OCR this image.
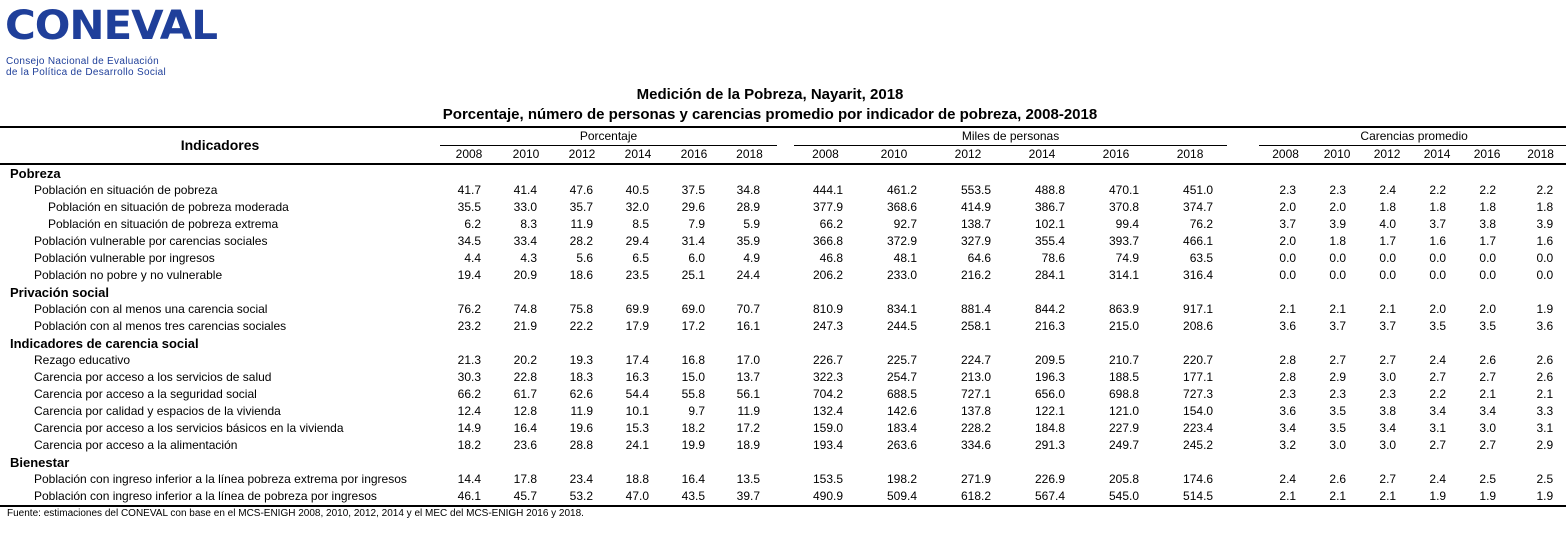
CONEVAL
Consejo Nacional de Evaluación
de la Política de Desarrollo Social
Medición de la Pobreza, Nayarit, 2018
Porcentaje, número de personas y carencias promedio por indicador de pobreza, 2008-2018
Indicadores	Porcentaje							Miles de personas							Carencias promedio					

	2008	2010	2012	2014	2016	2018		2008	2010	2012	2014	2016	2018		2008	2010	2012	2014	2016	2018
Pobreza																				
Población en situación de pobreza	41.7	41.4	47.6	40.5	37.5	34.8		444.1	461.2	553.5	488.8	470.1	451.0		2.3	2.3	2.4	2.2	2.2	2.2
Población en situación de pobreza moderada	35.5	33.0	35.7	32.0	29.6	28.9		377.9	368.6	414.9	386.7	370.8	374.7		2.0	2.0	1.8	1.8	1.8	1.8
Población en situación de pobreza extrema	6.2	8.3	11.9	8.5	7.9	5.9		66.2	92.7	138.7	102.1	99.4	76.2		3.7	3.9	4.0	3.7	3.8	3.9
Población vulnerable por carencias sociales	34.5	33.4	28.2	29.4	31.4	35.9		366.8	372.9	327.9	355.4	393.7	466.1		2.0	1.8	1.7	1.6	1.7	1.6
Población vulnerable por ingresos	4.4	4.3	5.6	6.5	6.0	4.9		46.8	48.1	64.6	78.6	74.9	63.5		0.0	0.0	0.0	0.0	0.0	0.0
Población no pobre y no vulnerable	19.4	20.9	18.6	23.5	25.1	24.4		206.2	233.0	216.2	284.1	314.1	316.4		0.0	0.0	0.0	0.0	0.0	0.0
Privación social																				
Población con al menos una carencia social	76.2	74.8	75.8	69.9	69.0	70.7		810.9	834.1	881.4	844.2	863.9	917.1		2.1	2.1	2.1	2.0	2.0	1.9
Población con al menos tres carencias sociales	23.2	21.9	22.2	17.9	17.2	16.1		247.3	244.5	258.1	216.3	215.0	208.6		3.6	3.7	3.7	3.5	3.5	3.6
Indicadores de carencia social																				
Rezago educativo	21.3	20.2	19.3	17.4	16.8	17.0		226.7	225.7	224.7	209.5	210.7	220.7		2.8	2.7	2.7	2.4	2.6	2.6
Carencia por acceso a los servicios de salud	30.3	22.8	18.3	16.3	15.0	13.7		322.3	254.7	213.0	196.3	188.5	177.1		2.8	2.9	3.0	2.7	2.7	2.6
Carencia por acceso a la seguridad social	66.2	61.7	62.6	54.4	55.8	56.1		704.2	688.5	727.1	656.0	698.8	727.3		2.3	2.3	2.3	2.2	2.1	2.1
Carencia por calidad y espacios de la vivienda	12.4	12.8	11.9	10.1	9.7	11.9		132.4	142.6	137.8	122.1	121.0	154.0		3.6	3.5	3.8	3.4	3.4	3.3
Carencia por acceso a los servicios básicos en la vivienda	14.9	16.4	19.6	15.3	18.2	17.2		159.0	183.4	228.2	184.8	227.9	223.4		3.4	3.5	3.4	3.1	3.0	3.1
Carencia por acceso a la alimentación	18.2	23.6	28.8	24.1	19.9	18.9		193.4	263.6	334.6	291.3	249.7	245.2		3.2	3.0	3.0	2.7	2.7	2.9
Bienestar																				
Población con ingreso inferior a la línea pobreza extrema por ingresos	14.4	17.8	23.4	18.8	16.4	13.5		153.5	198.2	271.9	226.9	205.8	174.6		2.4	2.6	2.7	2.4	2.5	2.5
Población con ingreso inferior a la línea de pobreza por ingresos	46.1	45.7	53.2	47.0	43.5	39.7		490.9	509.4	618.2	567.4	545.0	514.5		2.1	2.1	2.1	1.9	1.9	1.9
Fuente: estimaciones del CONEVAL con base en el MCS-ENIGH 2008, 2010, 2012, 2014 y el MEC del MCS-ENIGH 2016 y 2018.
